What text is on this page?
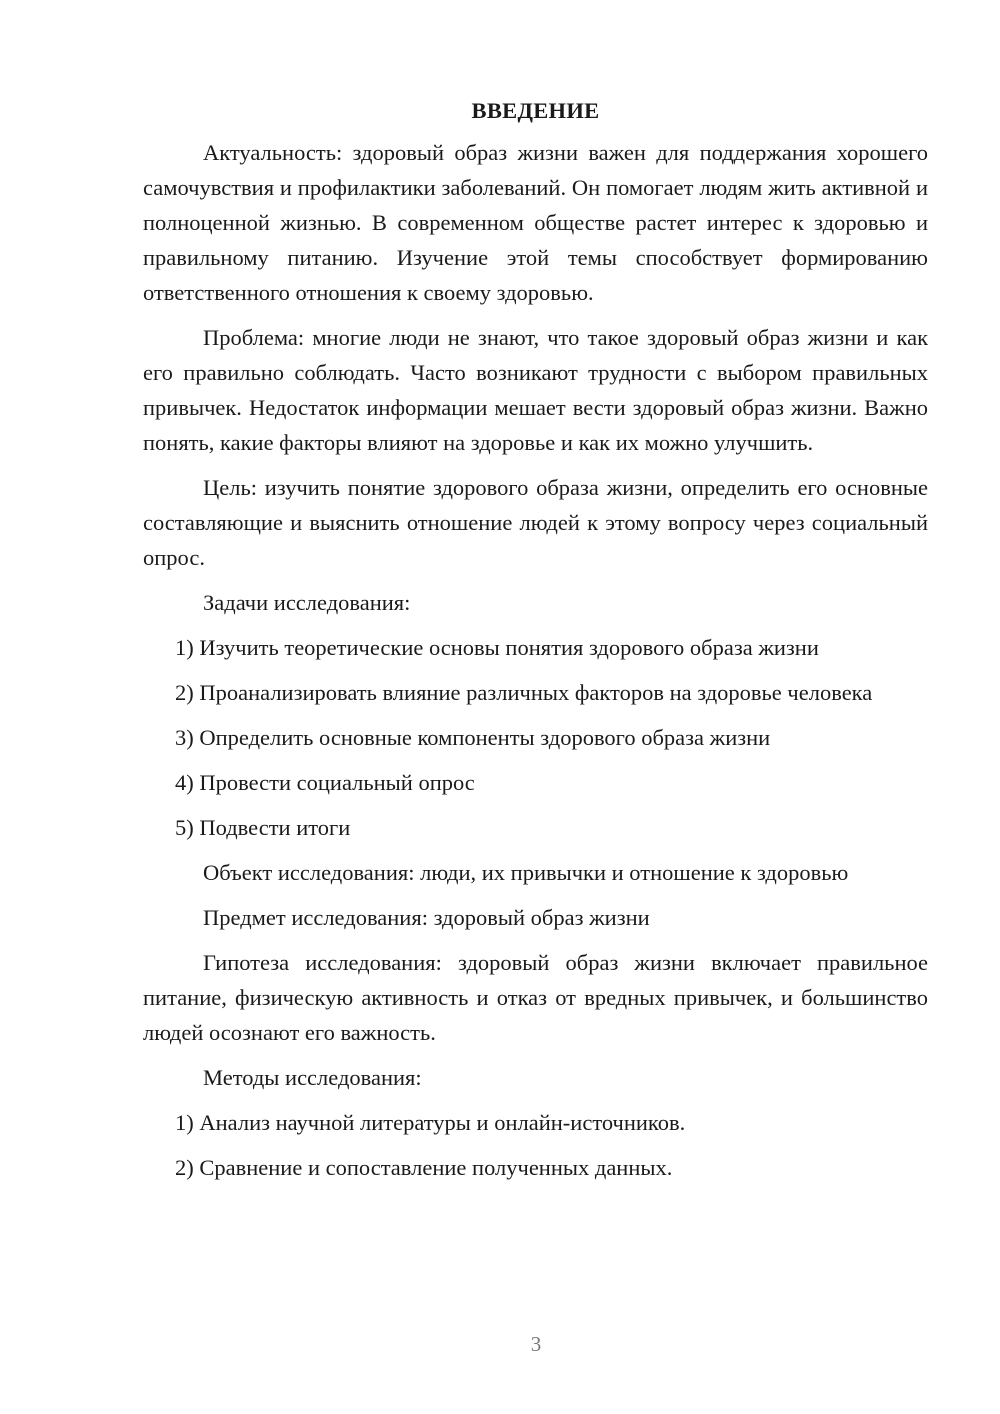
ВВЕДЕНИЕ

Актуальность: здоровый образ жизни важен для поддержания хорошего самочувствия и профилактики заболеваний. Он помогает людям жить активной и полноценной жизнью. В современном обществе растет интерес к здоровью и правильному питанию. Изучение этой темы способствует формированию ответственного отношения к своему здоровью.

Проблема: многие люди не знают, что такое здоровый образ жизни и как его правильно соблюдать. Часто возникают трудности с выбором правильных привычек. Недостаток информации мешает вести здоровый образ жизни. Важно понять, какие факторы влияют на здоровье и как их можно улучшить.

Цель: изучить понятие здорового образа жизни, определить его основные составляющие и выяснить отношение людей к этому вопросу через социальный опрос.

Задачи исследования:

1) Изучить теоретические основы понятия здорового образа жизни

2) Проанализировать влияние различных факторов на здоровье человека

3) Определить основные компоненты здорового образа жизни

4) Провести социальный опрос

5) Подвести итоги

Объект исследования: люди, их привычки и отношение к здоровью

Предмет исследования: здоровый образ жизни

Гипотеза исследования: здоровый образ жизни включает правильное питание, физическую активность и отказ от вредных привычек, и большинство людей осознают его важность.

Методы исследования:

1) Анализ научной литературы и онлайн-источников.

2) Сравнение и сопоставление полученных данных.

3
